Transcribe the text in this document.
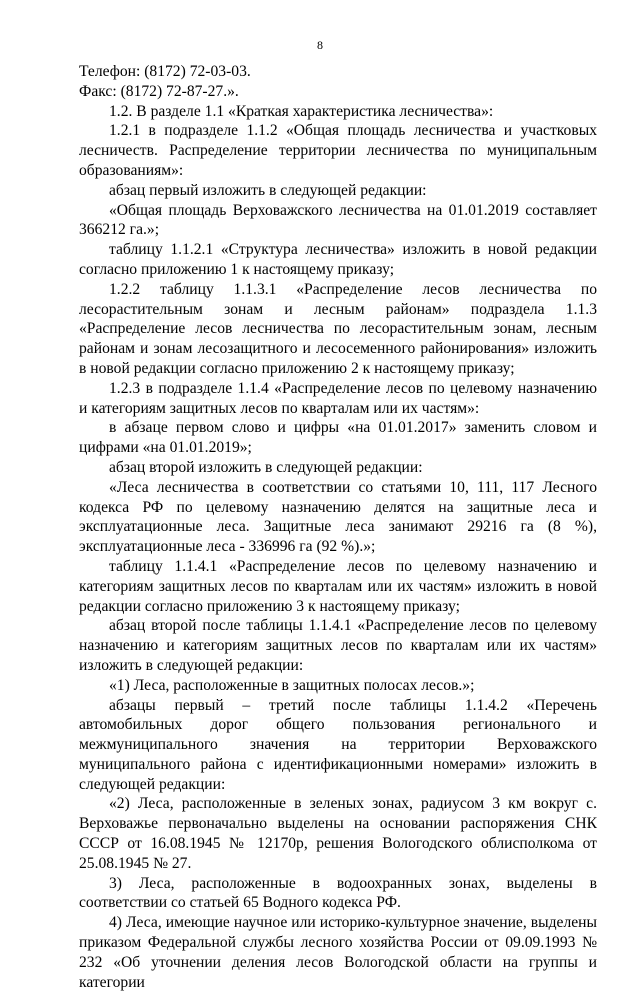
8

Телефон: (8172) 72-03-03.

Факс: (8172) 72-87-27.».

1.2. В разделе 1.1 «Краткая характеристика лесничества»:

1.2.1 в подразделе 1.1.2 «Общая площадь лесничества и участковых лесничеств. Распределение территории лесничества по муниципальным образованиям»:

абзац первый изложить в следующей редакции:

«Общая площадь Верховажского лесничества на 01.01.2019 составляет 366212 га.»;

таблицу 1.1.2.1 «Структура лесничества» изложить в новой редакции согласно приложению 1 к настоящему приказу;

1.2.2 таблицу 1.1.3.1 «Распределение лесов лесничества по лесорастительным зонам и лесным районам» подраздела 1.1.3 «Распределение лесов лесничества по лесорастительным зонам, лесным районам и зонам лесозащитного и лесосеменного районирования» изложить в новой редакции согласно приложению 2 к настоящему приказу;

1.2.3 в подразделе 1.1.4 «Распределение лесов по целевому назначению и категориям защитных лесов по кварталам или их частям»:

в абзаце первом слово и цифры «на 01.01.2017» заменить словом и цифрами «на 01.01.2019»;

абзац второй изложить в следующей редакции:

«Леса лесничества в соответствии со статьями 10, 111, 117 Лесного кодекса РФ по целевому назначению делятся на защитные леса и эксплуатационные леса. Защитные леса занимают 29216 га (8 %), эксплуатационные леса - 336996 га (92 %).»;

таблицу 1.1.4.1 «Распределение лесов по целевому назначению и категориям защитных лесов по кварталам или их частям» изложить в новой редакции согласно приложению 3 к настоящему приказу;

абзац второй после таблицы 1.1.4.1 «Распределение лесов по целевому назначению и категориям защитных лесов по кварталам или их частям» изложить в следующей редакции:

«1) Леса, расположенные в защитных полосах лесов.»;

абзацы первый – третий после таблицы 1.1.4.2 «Перечень автомобильных дорог общего пользования регионального и межмуниципального значения на территории Верховажского муниципального района с идентификационными номерами» изложить в следующей редакции:

«2) Леса, расположенные в зеленых зонах, радиусом 3 км вокруг с. Верховажье первоначально выделены на основании распоряжения СНК СССР от 16.08.1945 № 12170р, решения Вологодского облисполкома от 25.08.1945 № 27.

3) Леса, расположенные в водоохранных зонах, выделены в соответствии со статьей 65 Водного кодекса РФ.

4) Леса, имеющие научное или историко-культурное значение, выделены приказом Федеральной службы лесного хозяйства России от 09.09.1993 № 232 «Об уточнении деления лесов Вологодской области на группы и категории
